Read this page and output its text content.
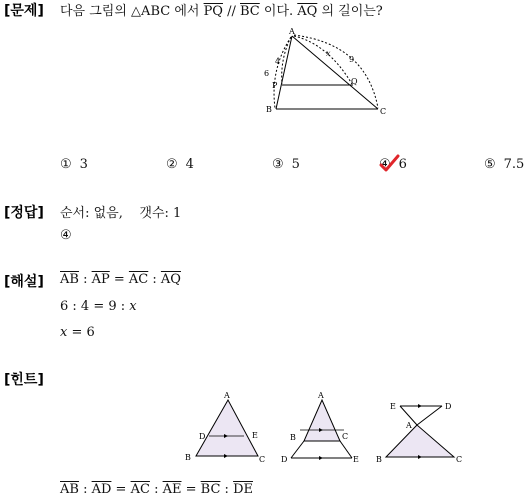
[문제] 다음 그림의 △ABC 에서 $\overline{PQ} // \overline{BC}$ 이다. $\overline{AQ}$ 의 길이는?
A
B	C
P	Q
4
6
x
9
① 3	② 4	③ 5	④ 6	⑤ 7.5
[정답] 순서: 없음,    갯수: 1
④
[해설] $\overline{AB}$ : $\overline{AP} = \overline{AC}$ : $\overline{AQ}$
6 : 4 = 9 : x
x = 6
[힌트]
A
B	C
D	E
A
B	C
D	E
E	D
A
B	C
$\overline{AB}$ : $\overline{AD} = \overline{AC}$ : $\overline{AE} = \overline{BC}$ : $\overline{DE}$
